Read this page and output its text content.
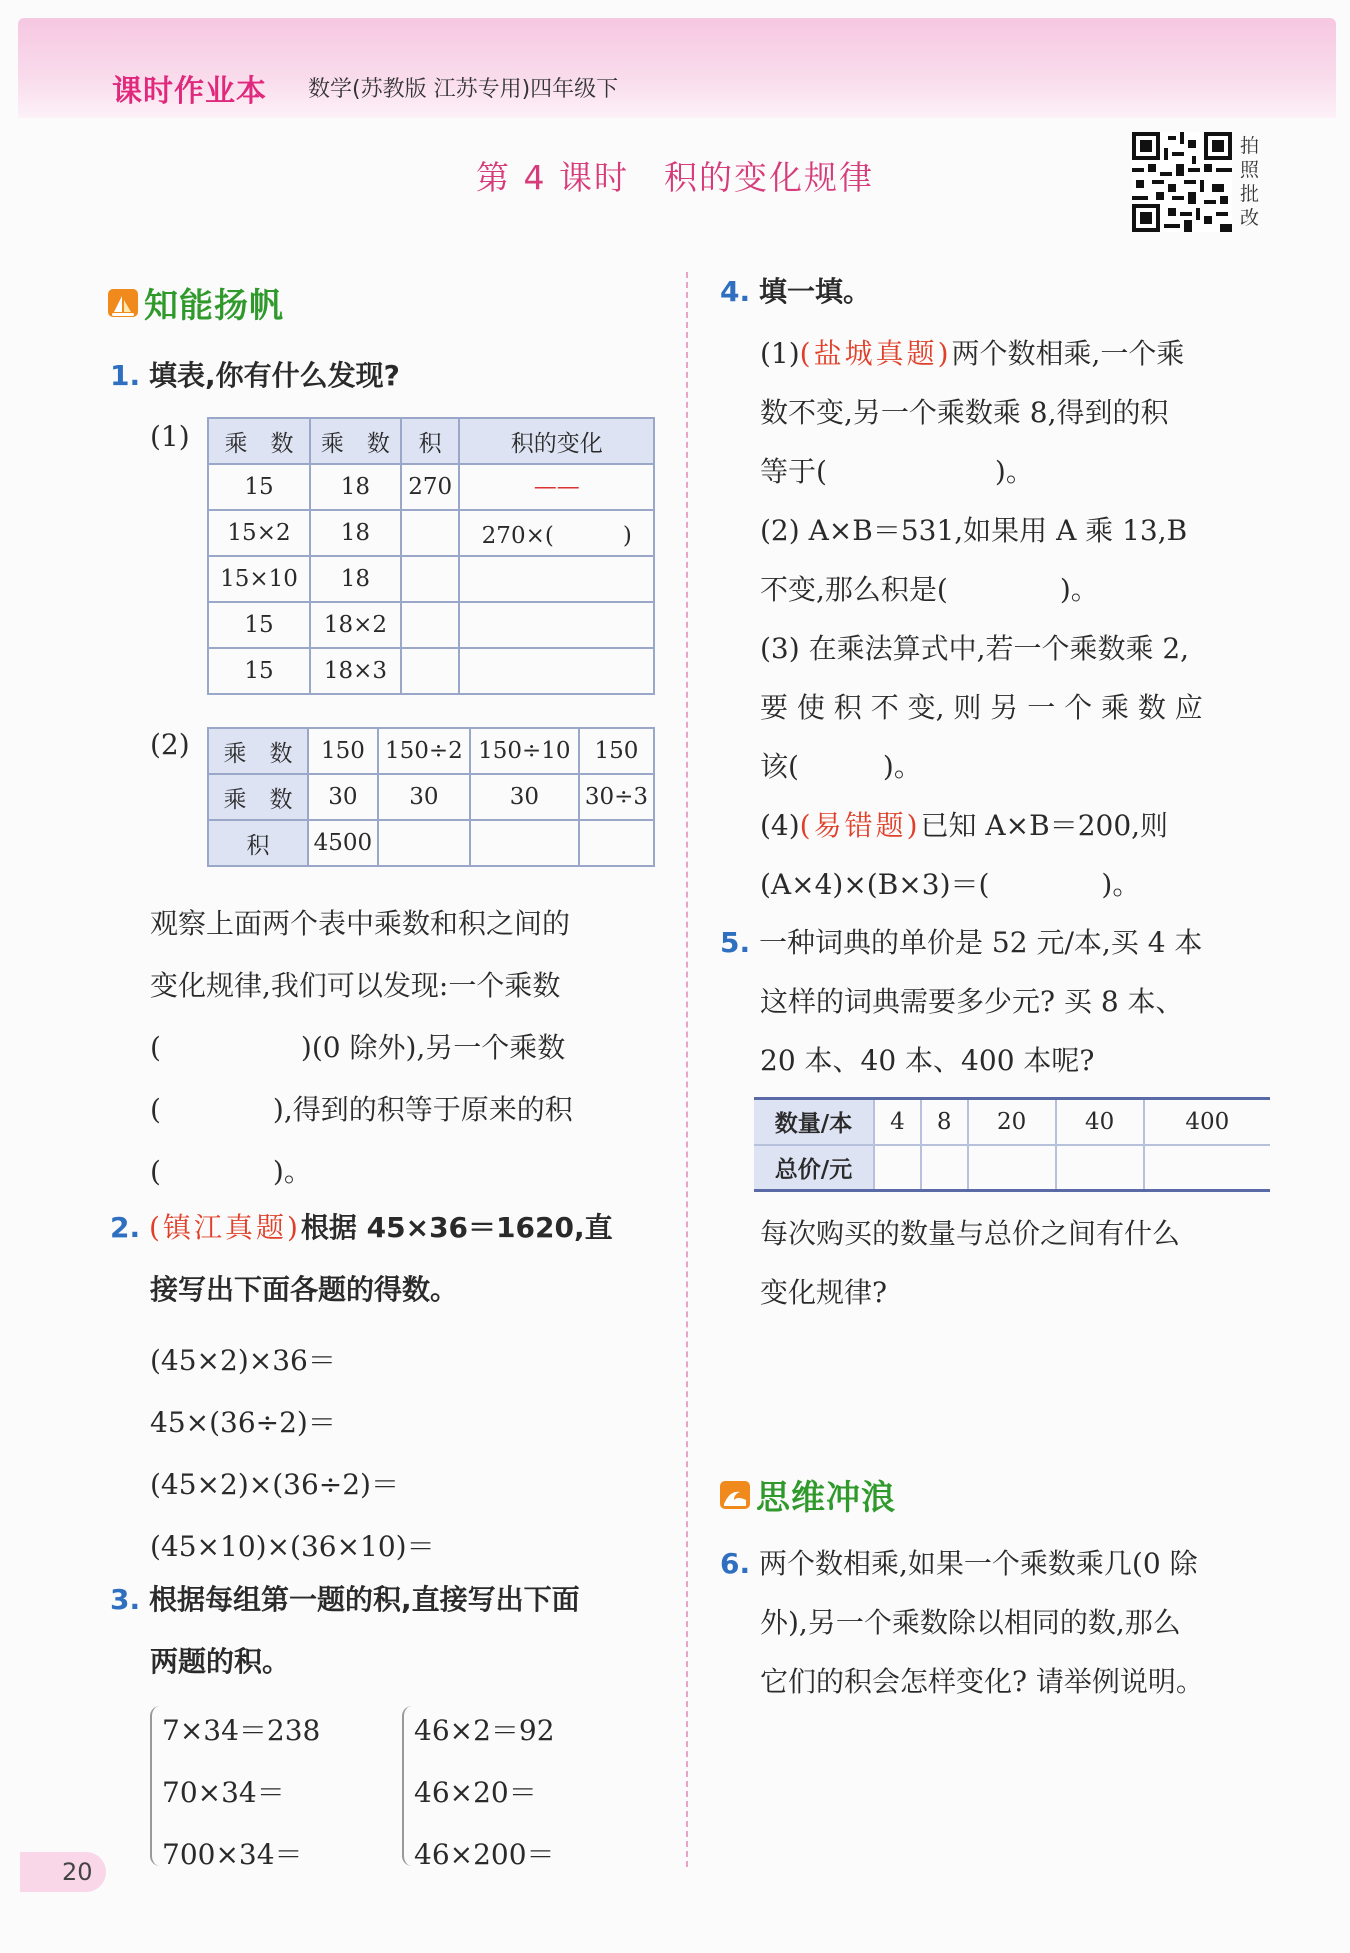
课时作业本 数学(苏教版 江苏专用)四年级下
第 4 课时　积的变化规律
拍
照
批
改
知能扬帆
1. 填表,你有什么发现?
(1) 乘　数	乘　数	积	积的变化
15	18	270	——
15×2	18		270×(　　　)
15×10	18		
15	18×2		
15	18×3		
(2) 乘　数	150	150÷2	150÷10	150
乘　数	30	30	30	30÷3
积	4500			
观察上面两个表中乘数和积之间的
变化规律,我们可以发现:一个乘数
(　　　　　)(0 除外),另一个乘数
(　　　　),得到的积等于原来的积
(　　　　)。
2. (镇江真题)根据 45×36＝1620,直
接写出下面各题的得数。
(45×2)×36＝
45×(36÷2)＝
(45×2)×(36÷2)＝
(45×10)×(36×10)＝
3. 根据每组第一题的积,直接写出下面
两题的积。
7×34＝238
70×34＝
700×34＝
46×2＝92
46×20＝
46×200＝
4. 填一填。
(1)(盐城真题)两个数相乘,一个乘
数不变,另一个乘数乘 8,得到的积
等于(　　　　　　)。
(2) A×B＝531,如果用 A 乘 13,B
不变,那么积是(　　　　)。
(3) 在乘法算式中,若一个乘数乘 2,
要 使 积 不 变, 则 另 一 个 乘 数 应
该(　　　)。
(4)(易错题)已知 A×B＝200,则
(A×4)×(B×3)＝(　　　　)。
5. 一种词典的单价是 52 元/本,买 4 本
这样的词典需要多少元? 买 8 本、
20 本、40 本、400 本呢?
数量/本	4	8	20	40	400
总价/元					
每次购买的数量与总价之间有什么
变化规律?
思维冲浪
6. 两个数相乘,如果一个乘数乘几(0 除
外),另一个乘数除以相同的数,那么
它们的积会怎样变化? 请举例说明。
20
